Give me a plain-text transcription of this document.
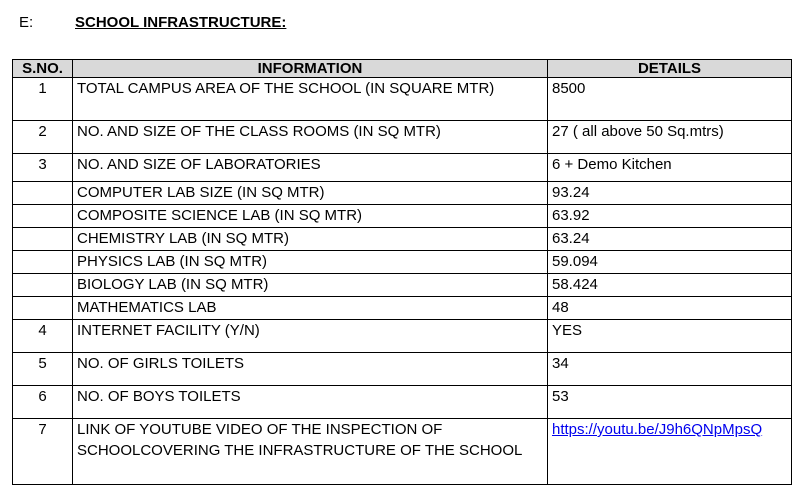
E:	SCHOOL INFRASTRUCTURE:
S.NO.	INFORMATION	DETAILS
1	TOTAL CAMPUS AREA OF THE SCHOOL (IN SQUARE MTR)	8500
2	NO. AND SIZE OF THE CLASS ROOMS (IN SQ MTR)	27 ( all above 50 Sq.mtrs)
3	NO. AND SIZE OF LABORATORIES	6 + Demo Kitchen
	COMPUTER LAB SIZE (IN SQ MTR)	93.24
	COMPOSITE SCIENCE LAB (IN SQ MTR)	63.92
	CHEMISTRY LAB (IN SQ MTR)	63.24
	PHYSICS LAB (IN SQ MTR)	59.094
	BIOLOGY LAB (IN SQ MTR)	58.424
	MATHEMATICS LAB	48
4	INTERNET FACILITY (Y/N)	YES
5	NO. OF GIRLS TOILETS	34
6	NO. OF BOYS TOILETS	53
7	LINK OF YOUTUBE VIDEO OF THE INSPECTION OF SCHOOLCOVERING THE INFRASTRUCTURE OF THE SCHOOL	https://youtu.be/J9h6QNpMpsQ
